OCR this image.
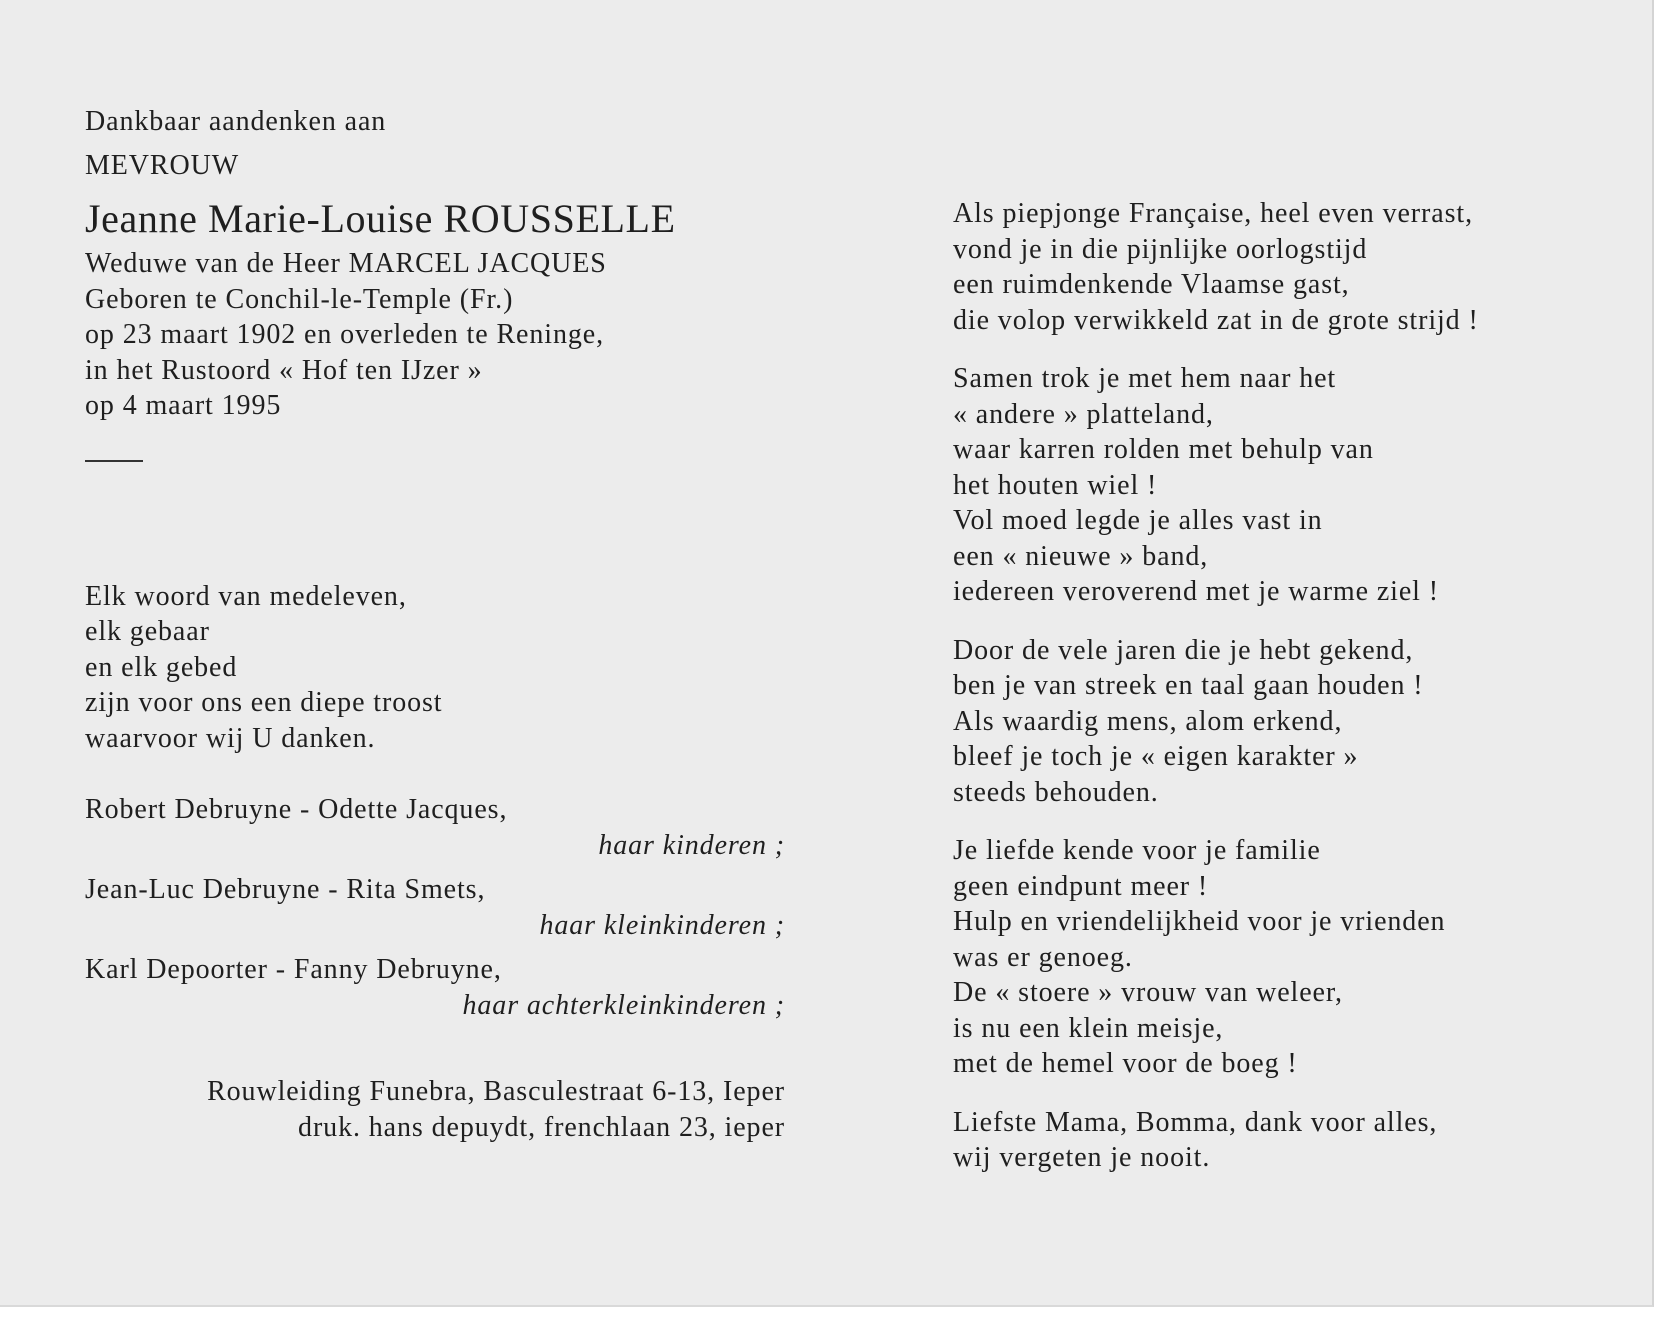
Dankbaar aandenken aan
MEVROUW
Jeanne Marie-Louise ROUSSELLE
Weduwe van de Heer MARCEL JACQUES
Geboren te Conchil-le-Temple (Fr.)
op 23 maart 1902 en overleden te Reninge,
in het Rustoord « Hof ten IJzer »
op 4 maart 1995
Elk woord van medeleven,
elk gebaar
en elk gebed
zijn voor ons een diepe troost
waarvoor wij U danken.
Robert Debruyne - Odette Jacques,
haar kinderen ;
Jean-Luc Debruyne - Rita Smets,
haar kleinkinderen ;
Karl Depoorter - Fanny Debruyne,
haar achterkleinkinderen ;
Rouwleiding Funebra, Basculestraat 6-13, Ieper
druk. hans depuydt, frenchlaan 23, ieper
Als piepjonge Française, heel even verrast,
vond je in die pijnlijke oorlogstijd
een ruimdenkende Vlaamse gast,
die volop verwikkeld zat in de grote strijd !
Samen trok je met hem naar het
« andere » platteland,
waar karren rolden met behulp van
het houten wiel !
Vol moed legde je alles vast in
een « nieuwe » band,
iedereen veroverend met je warme ziel !
Door de vele jaren die je hebt gekend,
ben je van streek en taal gaan houden !
Als waardig mens, alom erkend,
bleef je toch je « eigen karakter »
steeds behouden.
Je liefde kende voor je familie
geen eindpunt meer !
Hulp en vriendelijkheid voor je vrienden
was er genoeg.
De « stoere » vrouw van weleer,
is nu een klein meisje,
met de hemel voor de boeg !
Liefste Mama, Bomma, dank voor alles,
wij vergeten je nooit.
